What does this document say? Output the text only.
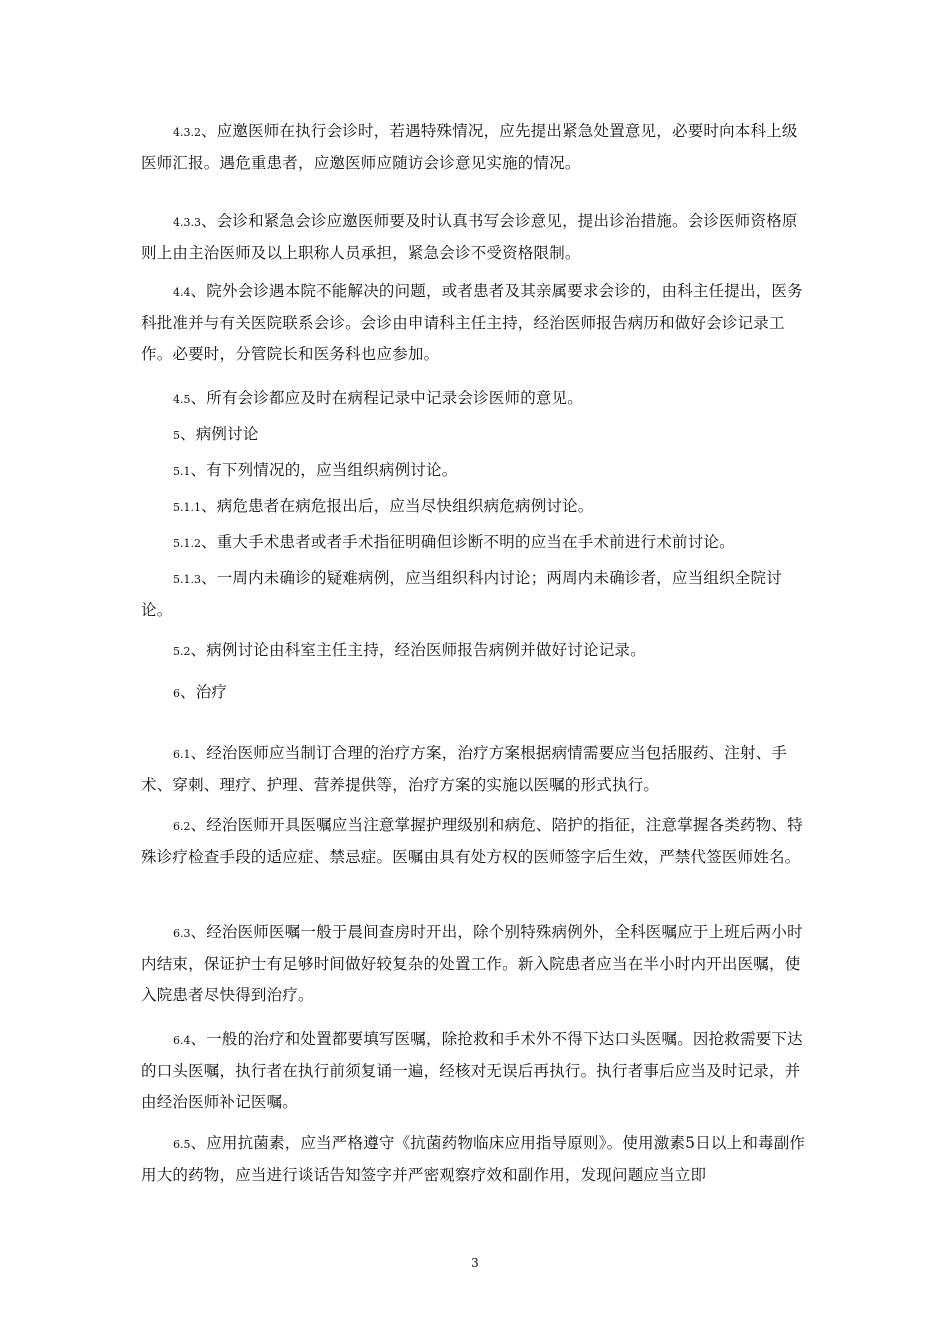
4.3.2、应邀医师在执行会诊时，若遇特殊情况，应先提出紧急处置意见，必要时向本科上级医师汇报。遇危重患者，应邀医师应随访会诊意见实施的情况。

4.3.3、会诊和紧急会诊应邀医师要及时认真书写会诊意见，提出诊治措施。会诊医师资格原则上由主治医师及以上职称人员承担，紧急会诊不受资格限制。

4.4、院外会诊遇本院不能解决的问题，或者患者及其亲属要求会诊的，由科主任提出，医务科批准并与有关医院联系会诊。会诊由申请科主任主持，经治医师报告病历和做好会诊记录工作。必要时，分管院长和医务科也应参加。

4.5、所有会诊都应及时在病程记录中记录会诊医师的意见。

5、病例讨论

5.1、有下列情况的，应当组织病例讨论。

5.1.1、病危患者在病危报出后，应当尽快组织病危病例讨论。

5.1.2、重大手术患者或者手术指征明确但诊断不明的应当在手术前进行术前讨论。

5.1.3、一周内未确诊的疑难病例，应当组织科内讨论；两周内未确诊者，应当组织全院讨论。

5.2、病例讨论由科室主任主持，经治医师报告病例并做好讨论记录。

6、治疗

6.1、经治医师应当制订合理的治疗方案，治疗方案根据病情需要应当包括服药、注射、手术、穿刺、理疗、护理、营养提供等，治疗方案的实施以医嘱的形式执行。

6.2、经治医师开具医嘱应当注意掌握护理级别和病危、陪护的指征，注意掌握各类药物、特殊诊疗检查手段的适应症、禁忌症。医嘱由具有处方权的医师签字后生效，严禁代签医师姓名。

6.3、经治医师医嘱一般于晨间查房时开出，除个别特殊病例外，全科医嘱应于上班后两小时内结束，保证护士有足够时间做好较复杂的处置工作。新入院患者应当在半小时内开出医嘱，使入院患者尽快得到治疗。

6.4、一般的治疗和处置都要填写医嘱，除抢救和手术外不得下达口头医嘱。因抢救需要下达的口头医嘱，执行者在执行前须复诵一遍，经核对无误后再执行。执行者事后应当及时记录，并由经治医师补记医嘱。

6.5、应用抗菌素，应当严格遵守《抗菌药物临床应用指导原则》。使用激素5日以上和毒副作用大的药物，应当进行谈话告知签字并严密观察疗效和副作用，发现问题应当立即

3
